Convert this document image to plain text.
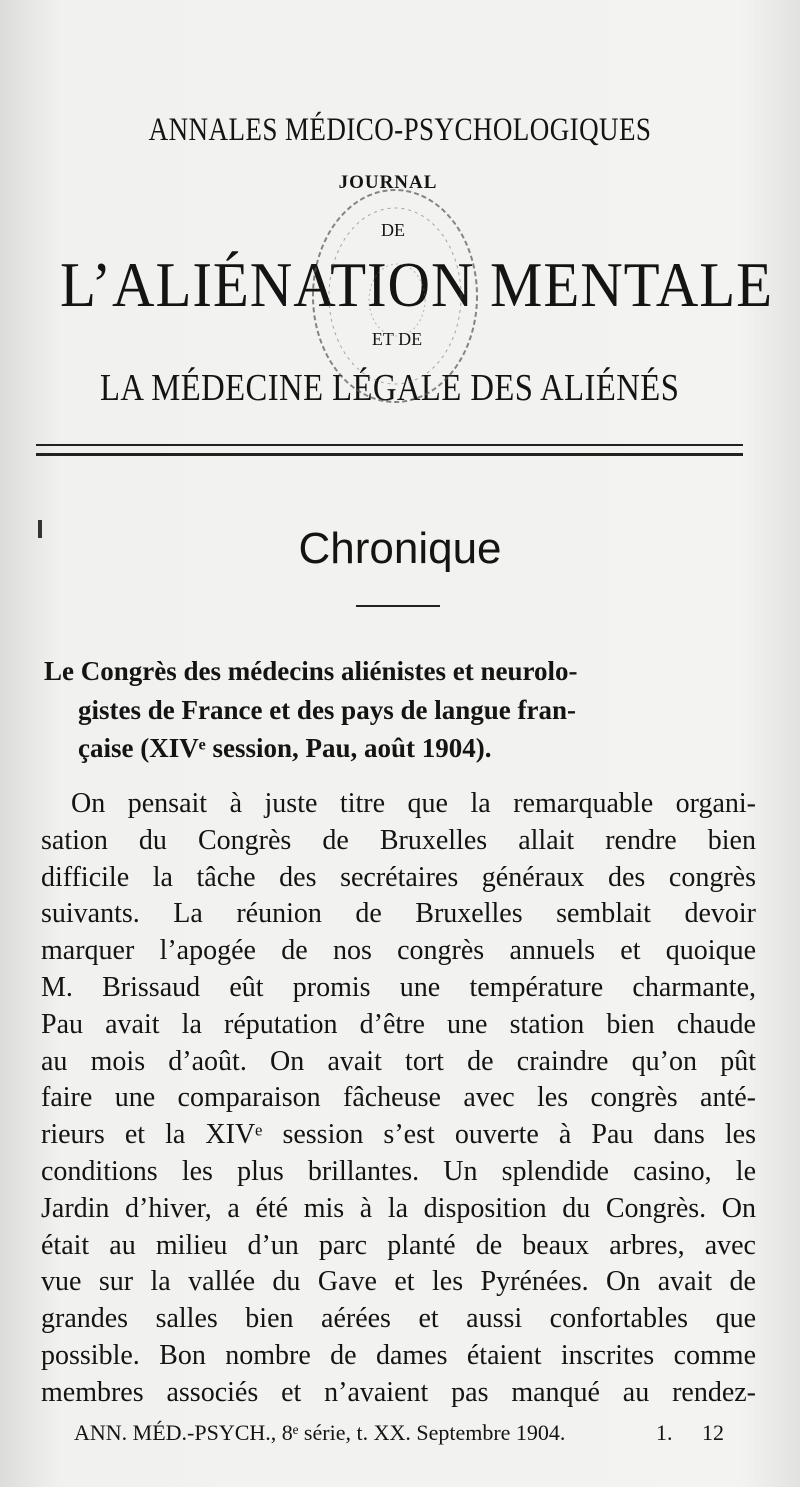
ANNALES MÉDICO-PSYCHOLOGIQUES
JOURNAL
DE
L’ALIÉNATION MENTALE
ET DE
LA MÉDECINE LÉGALE DES ALIÉNÉS
Chronique
Le Congrès des médecins aliénistes et neurolo-
gistes de France et des pays de langue fran-
çaise (XIVᵉ session, Pau, août 1904).
On pensait à juste titre que la remarquable organi-
sation du Congrès de Bruxelles allait rendre bien
difficile la tâche des secrétaires généraux des congrès
suivants. La réunion de Bruxelles semblait devoir
marquer l’apogée de nos congrès annuels et quoique
M. Brissaud eût promis une température charmante,
Pau avait la réputation d’être une station bien chaude
au mois d’août. On avait tort de craindre qu’on pût
faire une comparaison fâcheuse avec les congrès anté-
rieurs et la XIVᵉ session s’est ouverte à Pau dans les
conditions les plus brillantes. Un splendide casino, le
Jardin d’hiver, a été mis à la disposition du Congrès. On
était au milieu d’un parc planté de beaux arbres, avec
vue sur la vallée du Gave et les Pyrénées. On avait de
grandes salles bien aérées et aussi confortables que
possible. Bon nombre de dames étaient inscrites comme
membres associés et n’avaient pas manqué au rendez-
ANN. MÉD.-PSYCH., 8ᵉ série, t. XX. Septembre 1904.	1. 12
